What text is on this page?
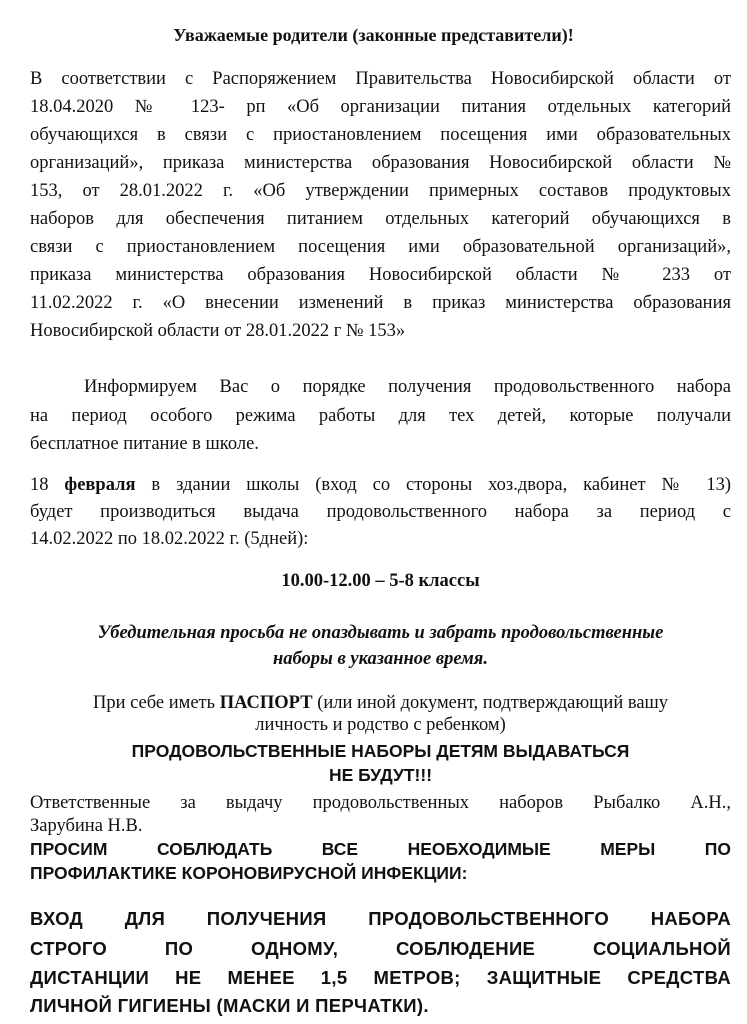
Уважаемые родители (законные представители)!
В соответствии с Распоряжением Правительства Новосибирской области от
18.04.2020 № 123- рп «Об организации питания отдельных категорий
обучающихся в связи с приостановлением посещения ими образовательных
организаций», приказа министерства образования Новосибирской области №
153, от 28.01.2022 г. «Об утверждении примерных составов продуктовых
наборов для обеспечения питанием отдельных категорий обучающихся в
связи с приостановлением посещения ими образовательной организаций»,
приказа министерства образования Новосибирской области № 233 от
11.02.2022 г. «О внесении изменений в приказ министерства образования
Новосибирской области от 28.01.2022 г № 153»
Информируем Вас о порядке получения продовольственного набора
на период особого режима работы для тех детей, которые получали
бесплатное питание в школе.
18 февраля в здании школы (вход со стороны хоз.двора, кабинет № 13)
будет производиться выдача продовольственного набора за период с
14.02.2022 по 18.02.2022 г. (5дней):
10.00-12.00 – 5-8 классы
Убедительная просьба не опаздывать и забрать продовольственные
наборы в указанное время.
При себе иметь ПАСПОРТ (или иной документ, подтверждающий вашу
личность и родство с ребенком)
ПРОДОВОЛЬСТВЕННЫЕ НАБОРЫ ДЕТЯМ ВЫДАВАТЬСЯ
НЕ БУДУТ!!!
Ответственные за выдачу продовольственных наборов Рыбалко А.Н.,
Зарубина Н.В.
ПРОСИМ СОБЛЮДАТЬ ВСЕ НЕОБХОДИМЫЕ МЕРЫ ПО
ПРОФИЛАКТИКЕ КОРОНОВИРУСНОЙ ИНФЕКЦИИ:
ВХОД ДЛЯ ПОЛУЧЕНИЯ ПРОДОВОЛЬСТВЕННОГО НАБОРА
СТРОГО ПО ОДНОМУ, СОБЛЮДЕНИЕ СОЦИАЛЬНОЙ
ДИСТАНЦИИ НЕ МЕНЕЕ 1,5 МЕТРОВ; ЗАЩИТНЫЕ СРЕДСТВА
ЛИЧНОЙ ГИГИЕНЫ (МАСКИ И ПЕРЧАТКИ).
